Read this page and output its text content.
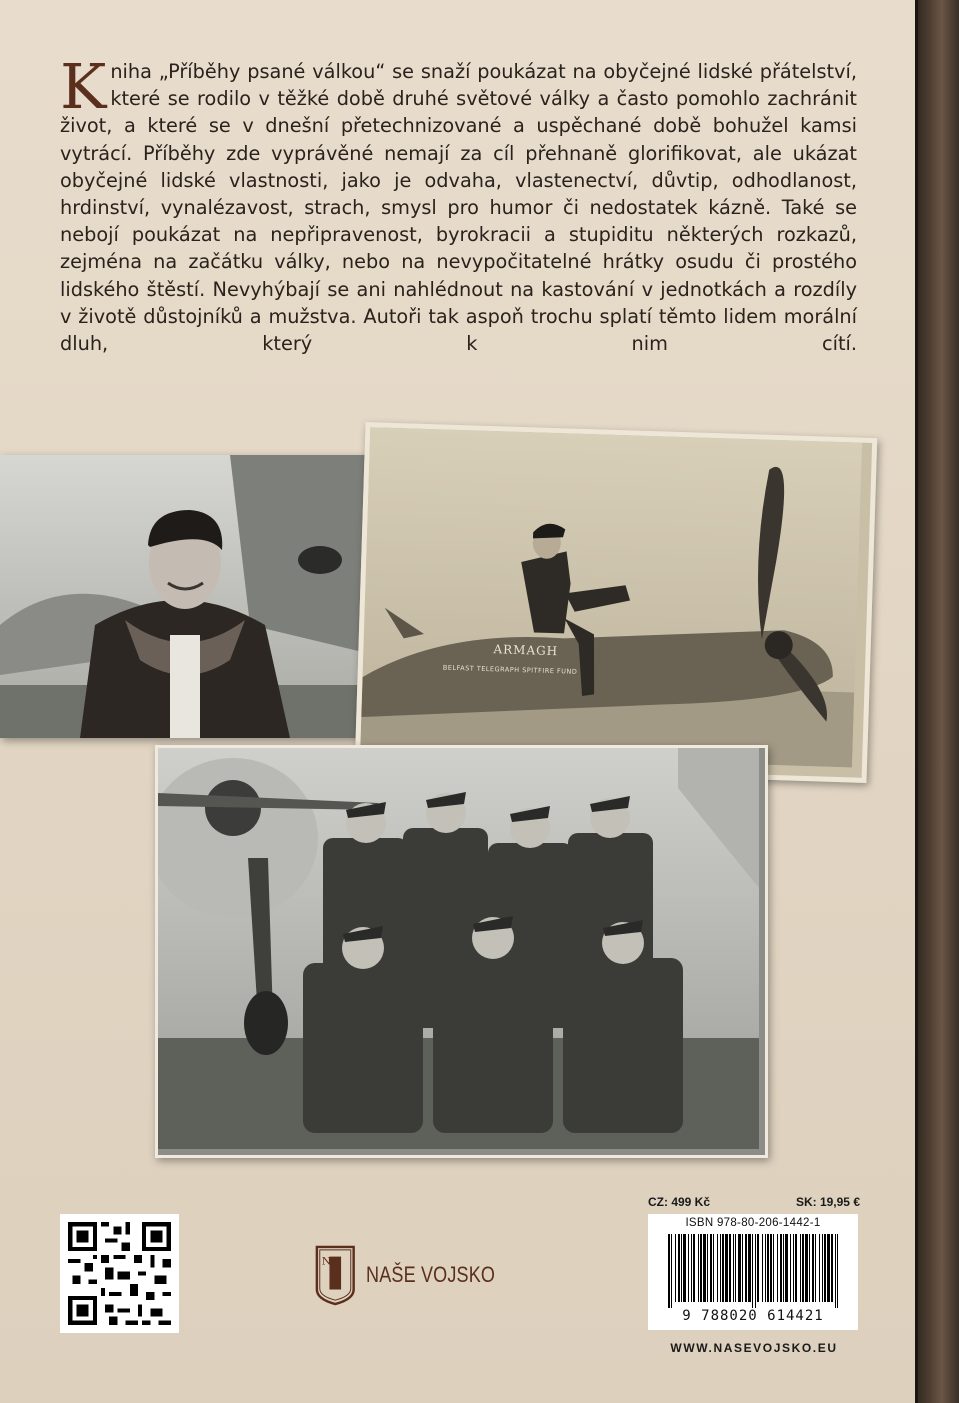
Kniha „Příběhy psané válkou“ se snaží poukázat na obyčejné lidské přátelství, které se rodilo v těžké době druhé světové války a často pomohlo zachránit život, a které se v dnešní přetechnizované a uspěchané době bohužel kamsi vytrácí. Příběhy zde vyprávěné nemají za cíl přehnaně glorifikovat, ale ukázat obyčejné lidské vlastnosti, jako je odvaha, vlastenectví, důvtip, odhodlanost, hrdinství, vynalézavost, strach, smysl pro humor či nedostatek kázně. Také se nebojí poukázat na nepřipravenost, byrokracii a stupiditu některých rozkazů, zejména na začátku války, nebo na nevypočitatelné hrátky osudu či prostého lidského štěstí. Nevyhýbají se ani nahlédnout na kastování v jednotkách a rozdíly v životě důstojníků a mužstva. Autoři tak aspoň trochu splatí těmto lidem morální dluh, který k nim cítí.

ARMAGH
BELFAST TELEGRAPH SPITFIRE FUND
NV
NAŠE VOJSKO
CZ: 499 Kč	SK: 19,95 €
ISBN 978-80-206-1442-1
9 788020 614421
WWW.NASEVOJSKO.EU
